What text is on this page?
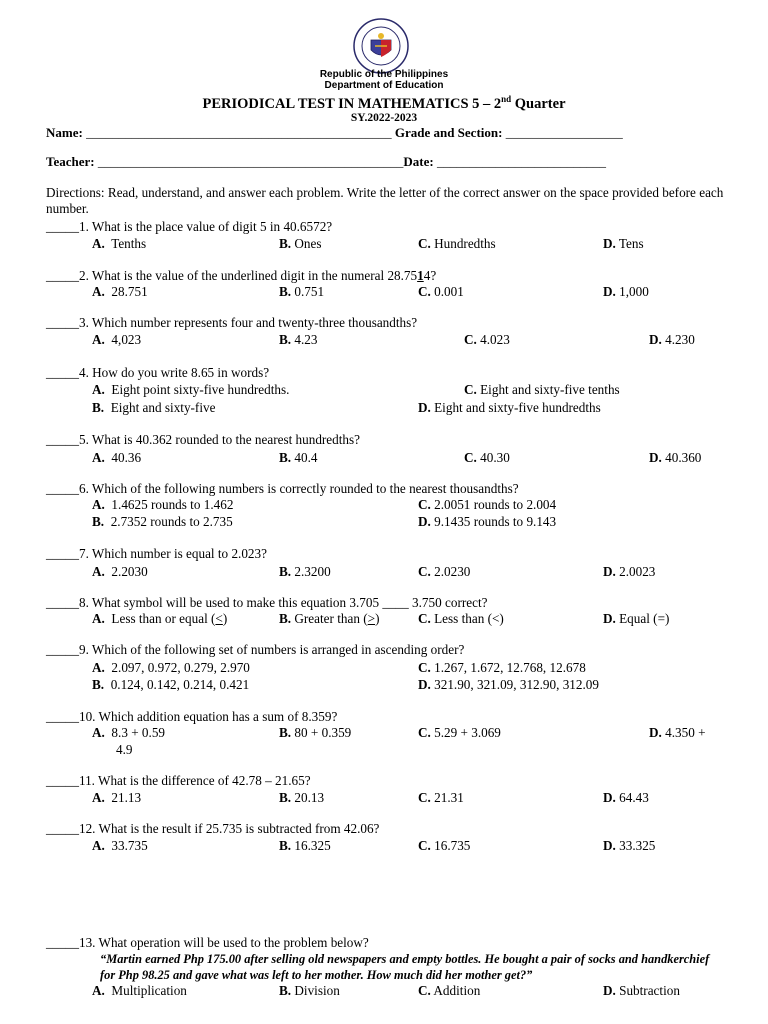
Republic of the Philippines
Department of Education
PERIODICAL TEST IN MATHEMATICS 5 – 2nd Quarter
SY.2022-2023
Name: _______________________________________________ Grade and Section: __________________
Teacher: _______________________________________________Date: __________________________
Directions: Read, understand, and answer each problem. Write the letter of the correct answer on the space provided before each number.
_____1. What is the place value of digit 5 in 40.6572?
A. Tenths	B. Ones	C. Hundredths	D. Tens
_____2. What is the value of the underlined digit in the numeral 28.7514?
A. 28.751	B. 0.751	C. 0.001	D. 1,000
_____3. Which number represents four and twenty-three thousandths?
A. 4,023	B. 4.23	C. 4.023	D. 4.230
_____4. How do you write 8.65 in words?
A. Eight point sixty-five hundredths.	C. Eight and sixty-five tenths
B. Eight and sixty-five	D. Eight and sixty-five hundredths
_____5. What is 40.362 rounded to the nearest hundredths?
A. 40.36	B. 40.4	C. 40.30	D. 40.360
_____6. Which of the following numbers is correctly rounded to the nearest thousandths?
A. 1.4625 rounds to 1.462	C. 2.0051 rounds to 2.004
B. 2.7352 rounds to 2.735	D. 9.1435 rounds to 9.143
_____7. Which number is equal to 2.023?
A. 2.2030	B. 2.3200	C. 2.0230	D. 2.0023
_____8. What symbol will be used to make this equation 3.705 ____ 3.750 correct?
A. Less than or equal (<)	B. Greater than (>)	C. Less than (<)	D. Equal (=)
_____9. Which of the following set of numbers is arranged in ascending order?
A. 2.097, 0.972, 0.279, 2.970	C. 1.267, 1.672, 12.768, 12.678
B. 0.124, 0.142, 0.214, 0.421	D. 321.90, 321.09, 312.90, 312.09
_____10. Which addition equation has a sum of 8.359?
A. 8.3 + 0.59	B. 80 + 0.359	C. 5.29 + 3.069	D. 4.350 +
4.9
_____11. What is the difference of 42.78 – 21.65?
A. 21.13	B. 20.13	C. 21.31	D. 64.43
_____12. What is the result if 25.735 is subtracted from 42.06?
A. 33.735	B. 16.325	C. 16.735	D. 33.325
_____13. What operation will be used to the problem below?
“Martin earned Php 175.00 after selling old newspapers and empty bottles. He bought a pair of socks and handkerchief for Php 98.25 and gave what was left to her mother. How much did her mother get?”
A. Multiplication	B. Division	C. Addition	D. Subtraction
